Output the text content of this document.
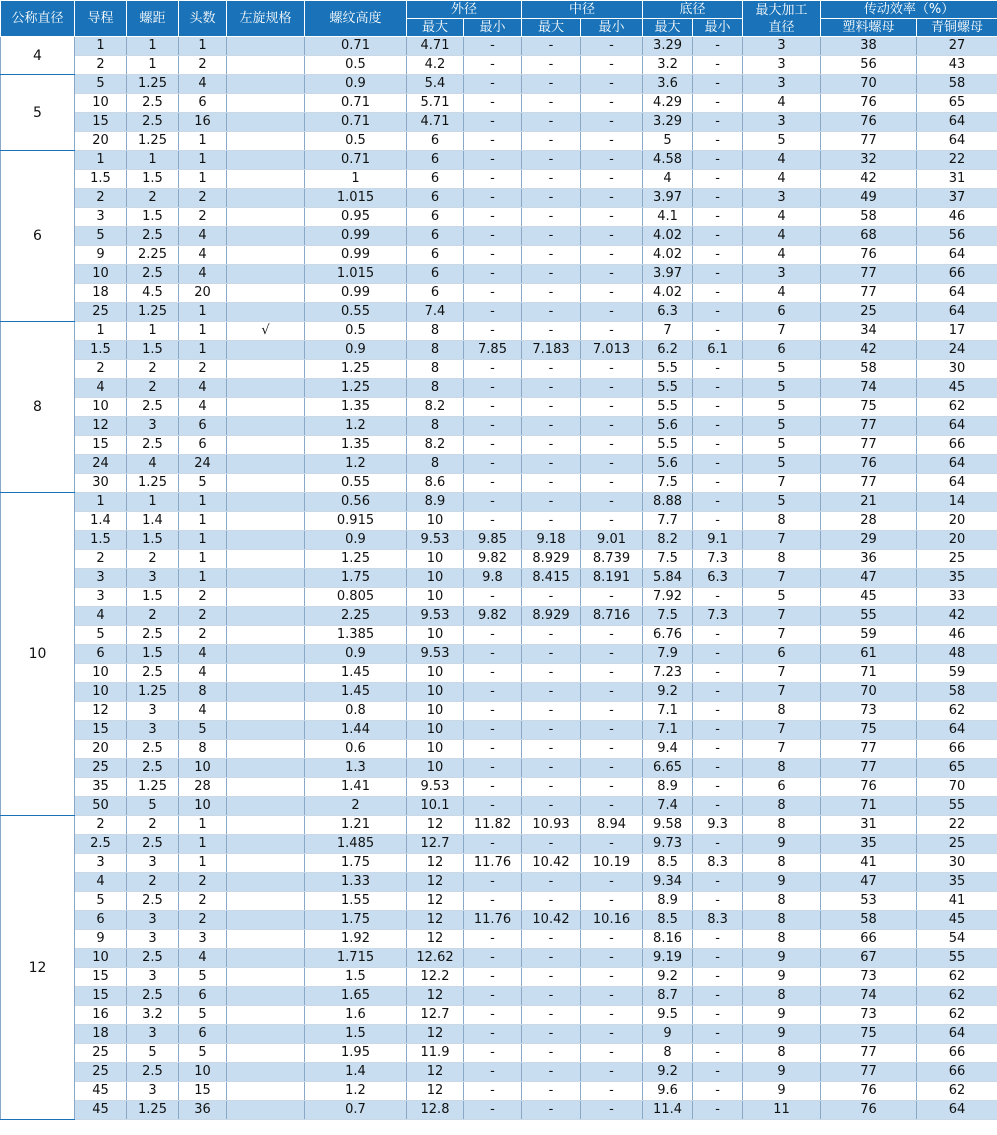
公称直径	导程	螺距	头数	左旋规格	螺纹高度	外径		中径		底径		最大加工直径	传动效率（%）	
						最大	最小	最大	最小	最大	最小		塑料螺母	青铜螺母
4	1	1	1		0.71	4.71	-	-	-	3.29	-	3	38	27
	2	1	2		0.5	4.2	-	-	-	3.2	-	3	56	43
5	5	1.25	4		0.9	5.4	-	-	-	3.6	-	3	70	58
	10	2.5	6		0.71	5.71	-	-	-	4.29	-	4	76	65
	15	2.5	16		0.71	4.71	-	-	-	3.29	-	3	76	64
	20	1.25	1		0.5	6	-	-	-	5	-	5	77	64
6	1	1	1		0.71	6	-	-	-	4.58	-	4	32	22
	1.5	1.5	1		1	6	-	-	-	4	-	4	42	31
	2	2	2		1.015	6	-	-	-	3.97	-	3	49	37
	3	1.5	2		0.95	6	-	-	-	4.1	-	4	58	46
	5	2.5	4		0.99	6	-	-	-	4.02	-	4	68	56
	9	2.25	4		0.99	6	-	-	-	4.02	-	4	76	64
	10	2.5	4		1.015	6	-	-	-	3.97	-	3	77	66
	18	4.5	20		0.99	6	-	-	-	4.02	-	4	77	64
	25	1.25	1		0.55	7.4	-	-	-	6.3	-	6	25	64
8	1	1	1	√	0.5	8	-	-	-	7	-	7	34	17
	1.5	1.5	1		0.9	8	7.85	7.183	7.013	6.2	6.1	6	42	24
	2	2	2		1.25	8	-	-	-	5.5	-	5	58	30
	4	2	4		1.25	8	-	-	-	5.5	-	5	74	45
	10	2.5	4		1.35	8.2	-	-	-	5.5	-	5	75	62
	12	3	6		1.2	8	-	-	-	5.6	-	5	77	64
	15	2.5	6		1.35	8.2	-	-	-	5.5	-	5	77	66
	24	4	24		1.2	8	-	-	-	5.6	-	5	76	64
	30	1.25	5		0.55	8.6	-	-	-	7.5	-	7	77	64
10	1	1	1		0.56	8.9	-	-	-	8.88	-	5	21	14
	1.4	1.4	1		0.915	10	-	-	-	7.7	-	8	28	20
	1.5	1.5	1		0.9	9.53	9.85	9.18	9.01	8.2	9.1	7	29	20
	2	2	1		1.25	10	9.82	8.929	8.739	7.5	7.3	8	36	25
	3	3	1		1.75	10	9.8	8.415	8.191	5.84	6.3	7	47	35
	3	1.5	2		0.805	10	-	-	-	7.92	-	5	45	33
	4	2	2		2.25	9.53	9.82	8.929	8.716	7.5	7.3	7	55	42
	5	2.5	2		1.385	10	-	-	-	6.76	-	7	59	46
	6	1.5	4		0.9	9.53	-	-	-	7.9	-	6	61	48
	10	2.5	4		1.45	10	-	-	-	7.23	-	7	71	59
	10	1.25	8		1.45	10	-	-	-	9.2	-	7	70	58
	12	3	4		0.8	10	-	-	-	7.1	-	8	73	62
	15	3	5		1.44	10	-	-	-	7.1	-	7	75	64
	20	2.5	8		0.6	10	-	-	-	9.4	-	7	77	66
	25	2.5	10		1.3	10	-	-	-	6.65	-	8	77	65
	35	1.25	28		1.41	9.53	-	-	-	8.9	-	6	76	70
	50	5	10		2	10.1	-	-	-	7.4	-	8	71	55
12	2	2	1		1.21	12	11.82	10.93	8.94	9.58	9.3	8	31	22
	2.5	2.5	1		1.485	12.7	-	-	-	9.73	-	9	35	25
	3	3	1		1.75	12	11.76	10.42	10.19	8.5	8.3	8	41	30
	4	2	2		1.33	12	-	-	-	9.34	-	9	47	35
	5	2.5	2		1.55	12	-	-	-	8.9	-	8	53	41
	6	3	2		1.75	12	11.76	10.42	10.16	8.5	8.3	8	58	45
	9	3	3		1.92	12	-	-	-	8.16	-	8	66	54
	10	2.5	4		1.715	12.62	-	-	-	9.19	-	9	67	55
	15	3	5		1.5	12.2	-	-	-	9.2	-	9	73	62
	15	2.5	6		1.65	12	-	-	-	8.7	-	8	74	62
	16	3.2	5		1.6	12.7	-	-	-	9.5	-	9	73	62
	18	3	6		1.5	12	-	-	-	9	-	9	75	64
	25	5	5		1.95	11.9	-	-	-	8	-	8	77	66
	25	2.5	10		1.4	12	-	-	-	9.2	-	9	77	66
	45	3	15		1.2	12	-	-	-	9.6	-	9	76	62
	45	1.25	36		0.7	12.8	-	-	-	11.4	-	11	76	64
